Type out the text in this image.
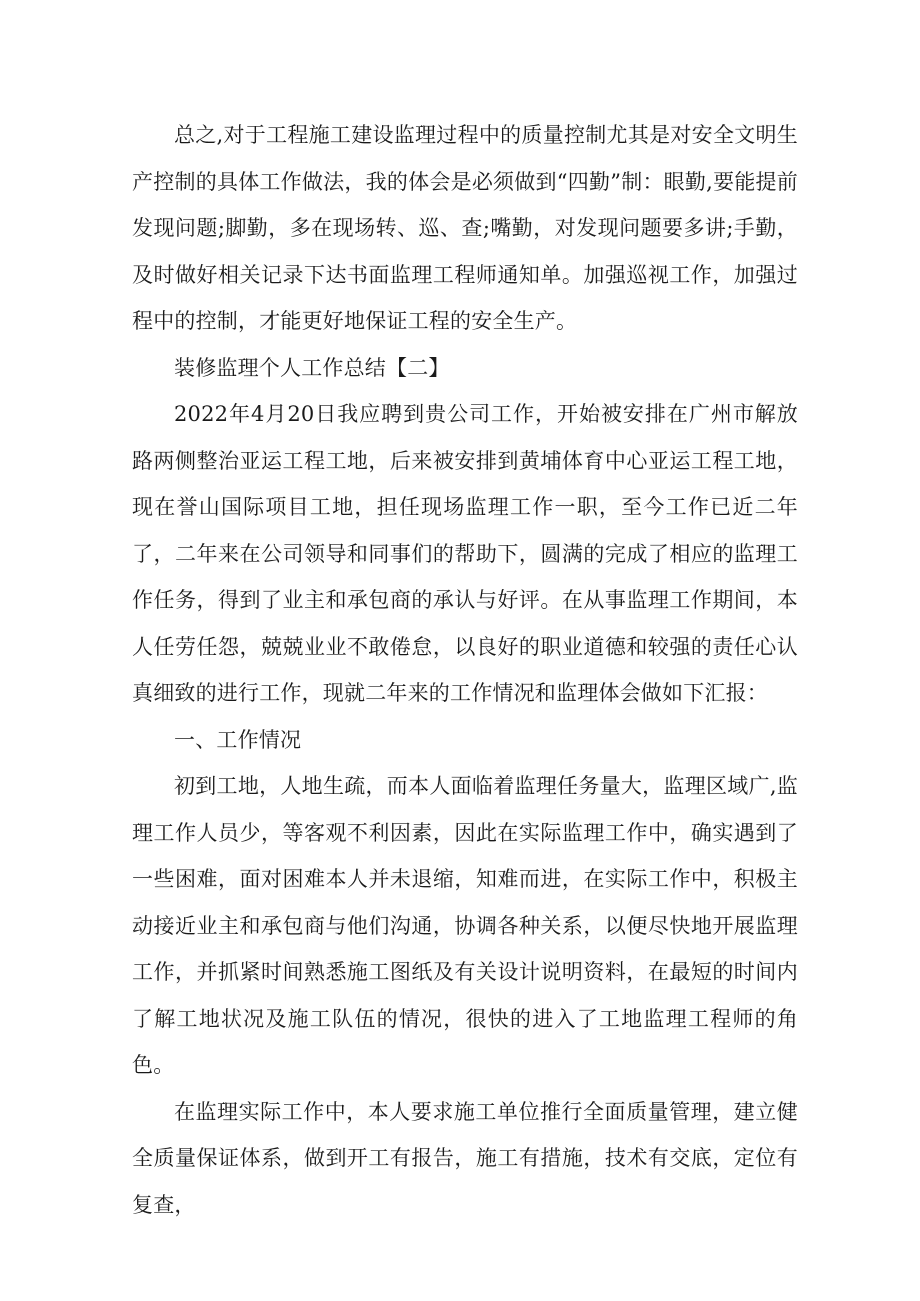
总之,对于工程施工建设监理过程中的质量控制尤其是对安全文明生产控制的具体工作做法，我的体会是必须做到“四勤”制：眼勤,要能提前发现问题;脚勤，多在现场转、巡、查;嘴勤，对发现问题要多讲;手勤，及时做好相关记录下达书面监理工程师通知单。加强巡视工作，加强过程中的控制，才能更好地保证工程的安全生产。

装修监理个人工作总结【二】

2022年4月20日我应聘到贵公司工作，开始被安排在广州市解放路两侧整治亚运工程工地，后来被安排到黄埔体育中心亚运工程工地，现在誉山国际项目工地，担任现场监理工作一职，至今工作已近二年了，二年来在公司领导和同事们的帮助下，圆满的完成了相应的监理工作任务，得到了业主和承包商的承认与好评。在从事监理工作期间，本人任劳任怨，兢兢业业不敢倦怠，以良好的职业道德和较强的责任心认真细致的进行工作，现就二年来的工作情况和监理体会做如下汇报：

一、工作情况

初到工地，人地生疏，而本人面临着监理任务量大，监理区域广,监理工作人员少，等客观不利因素，因此在实际监理工作中，确实遇到了一些困难，面对困难本人并未退缩，知难而进，在实际工作中，积极主动接近业主和承包商与他们沟通，协调各种关系，以便尽快地开展监理工作，并抓紧时间熟悉施工图纸及有关设计说明资料，在最短的时间内了解工地状况及施工队伍的情况，很快的进入了工地监理工程师的角色。

在监理实际工作中，本人要求施工单位推行全面质量管理，建立健全质量保证体系，做到开工有报告，施工有措施，技术有交底，定位有复查，
